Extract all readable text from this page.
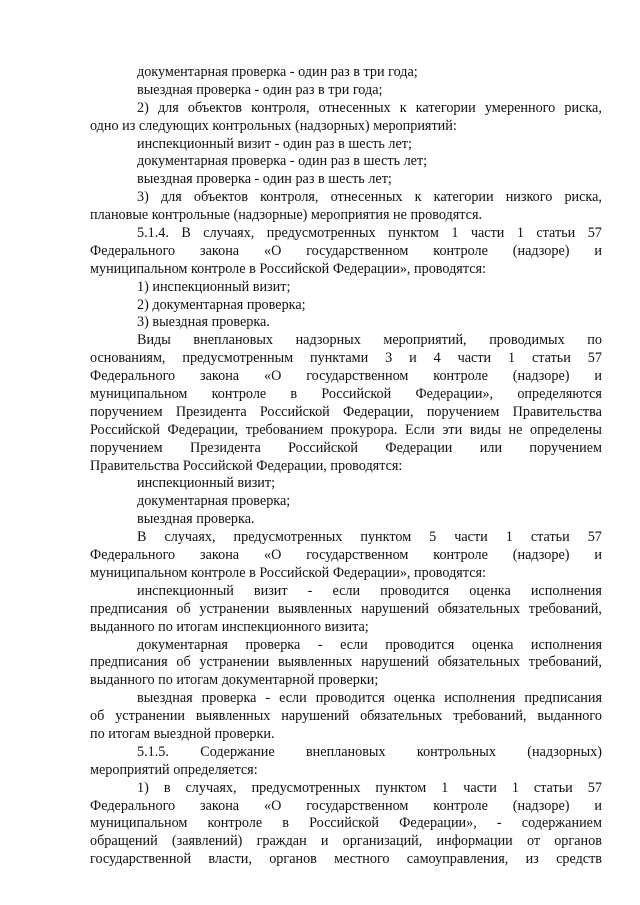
документарная проверка - один раз в три года;
выездная проверка - один раз в три года;
2) для объектов контроля, отнесенных к категории умеренного риска,
одно из следующих контрольных (надзорных) мероприятий:
инспекционный визит - один раз в шесть лет;
документарная проверка - один раз в шесть лет;
выездная проверка - один раз в шесть лет;
3) для объектов контроля, отнесенных к категории низкого риска,
плановые контрольные (надзорные) мероприятия не проводятся.
5.1.4. В случаях, предусмотренных пунктом 1 части 1 статьи 57
Федерального закона «О государственном контроле (надзоре) и
муниципальном контроле в Российской Федерации», проводятся:
1) инспекционный визит;
2) документарная проверка;
3) выездная проверка.
Виды внеплановых надзорных мероприятий, проводимых по
основаниям, предусмотренным пунктами 3 и 4 части 1 статьи 57
Федерального закона «О государственном контроле (надзоре) и
муниципальном контроле в Российской Федерации», определяются
поручением Президента Российской Федерации, поручением Правительства
Российской Федерации, требованием прокурора. Если эти виды не определены
поручением Президента Российской Федерации или поручением
Правительства Российской Федерации, проводятся:
инспекционный визит;
документарная проверка;
выездная проверка.
В случаях, предусмотренных пунктом 5 части 1 статьи 57
Федерального закона «О государственном контроле (надзоре) и
муниципальном контроле в Российской Федерации», проводятся:
инспекционный визит - если проводится оценка исполнения
предписания об устранении выявленных нарушений обязательных требований,
выданного по итогам инспекционного визита;
документарная проверка - если проводится оценка исполнения
предписания об устранении выявленных нарушений обязательных требований,
выданного по итогам документарной проверки;
выездная проверка - если проводится оценка исполнения предписания
об устранении выявленных нарушений обязательных требований, выданного
по итогам выездной проверки.
5.1.5. Содержание внеплановых контрольных (надзорных)
мероприятий определяется:
1) в случаях, предусмотренных пунктом 1 части 1 статьи 57
Федерального закона «О государственном контроле (надзоре) и
муниципальном контроле в Российской Федерации», - содержанием
обращений (заявлений) граждан и организаций, информации от органов
государственной власти, органов местного самоуправления, из средств
